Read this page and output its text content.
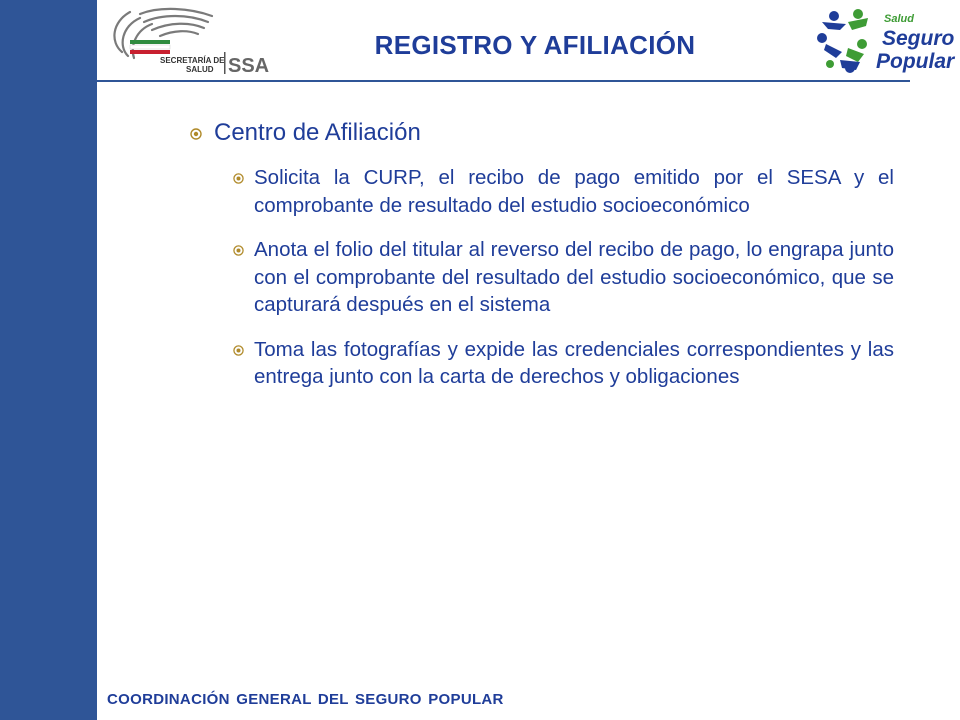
SECRETARÍA DE
SALUD SSA
REGISTRO Y AFILIACIÓN
Salud
Seguro
Popular
Centro de Afiliación
Solicita la CURP, el recibo de pago emitido por el SESA y el comprobante de resultado del estudio socioeconómico
Anota el folio del titular al reverso del recibo de pago, lo engrapa junto con el comprobante del resultado del estudio socioeconómico, que se capturará después en el sistema
Toma las fotografías y expide las credenciales correspondientes y las entrega junto con la carta de derechos y obligaciones
COORDINACIÓN GENERAL DEL SEGURO POPULAR
